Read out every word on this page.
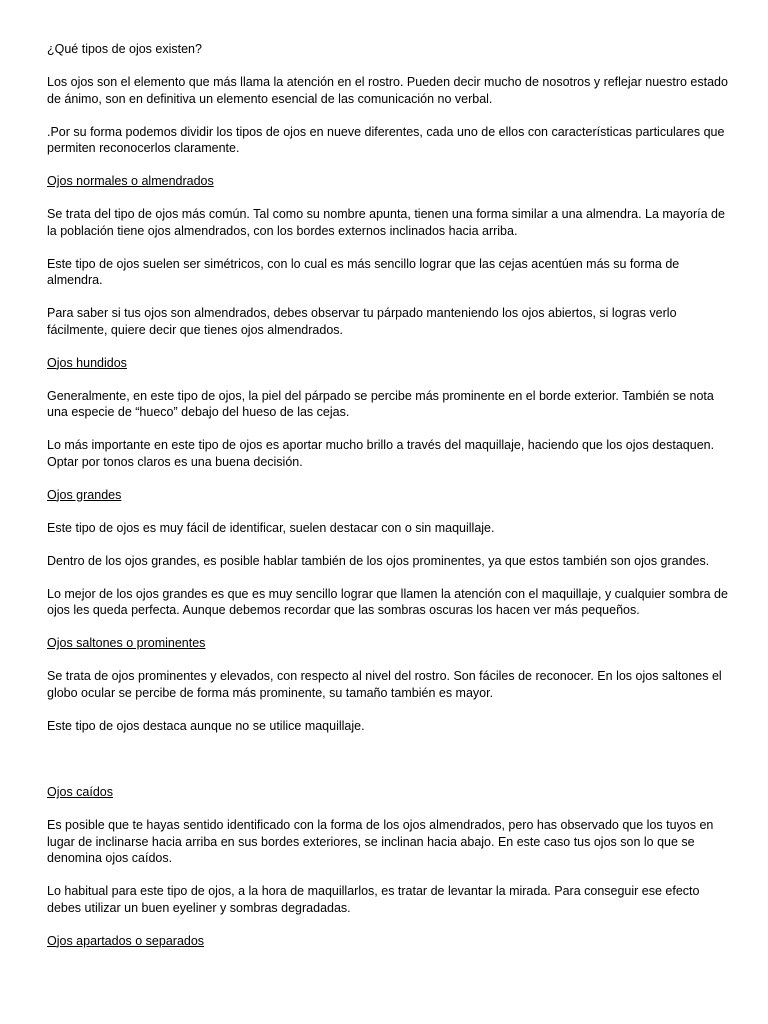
¿Qué tipos de ojos existen?
Los ojos son el elemento que más llama la atención en el rostro. Pueden decir mucho de nosotros y reflejar nuestro estado de ánimo, son en definitiva un elemento esencial de las comunicación no verbal.
.Por su forma podemos dividir los tipos de ojos en nueve diferentes, cada uno de ellos con características particulares que permiten reconocerlos claramente.
Ojos normales o almendrados
Se trata del tipo de ojos más común. Tal como su nombre apunta, tienen una forma similar a una almendra. La mayoría de la población tiene ojos almendrados, con los bordes externos inclinados hacia arriba.
Este tipo de ojos suelen ser simétricos, con lo cual es más sencillo lograr que las cejas acentúen más su forma de almendra.
Para saber si tus ojos son almendrados, debes observar tu párpado manteniendo los ojos abiertos, si logras verlo fácilmente, quiere decir que tienes ojos almendrados.
Ojos hundidos
Generalmente, en este tipo de ojos, la piel del párpado se percibe más prominente en el borde exterior. También se nota una especie de “hueco” debajo del hueso de las cejas.
Lo más importante en este tipo de ojos es aportar mucho brillo a través del maquillaje, haciendo que los ojos destaquen. Optar por tonos claros es una buena decisión.
Ojos grandes
Este tipo de ojos es muy fácil de identificar, suelen destacar con o sin maquillaje.
Dentro de los ojos grandes, es posible hablar también de los ojos prominentes, ya que estos también son ojos grandes.
Lo mejor de los ojos grandes es que es muy sencillo lograr que llamen la atención con el maquillaje, y cualquier sombra de ojos les queda perfecta. Aunque debemos recordar que las sombras oscuras los hacen ver más pequeños.
Ojos saltones o prominentes
Se trata de ojos prominentes y elevados, con respecto al nivel del rostro. Son fáciles de reconocer. En los ojos saltones el globo ocular se percibe de forma más prominente, su tamaño también es mayor.
Este tipo de ojos destaca aunque no se utilice maquillaje.
Ojos caídos
Es posible que te hayas sentido identificado con la forma de los ojos almendrados, pero has observado que los tuyos en lugar de inclinarse hacia arriba en sus bordes exteriores, se inclinan hacia abajo. En este caso tus ojos son lo que se denomina ojos caídos.
Lo habitual para este tipo de ojos, a la hora de maquillarlos, es tratar de levantar la mirada. Para conseguir ese efecto debes utilizar un buen eyeliner y sombras degradadas.
Ojos apartados o separados
